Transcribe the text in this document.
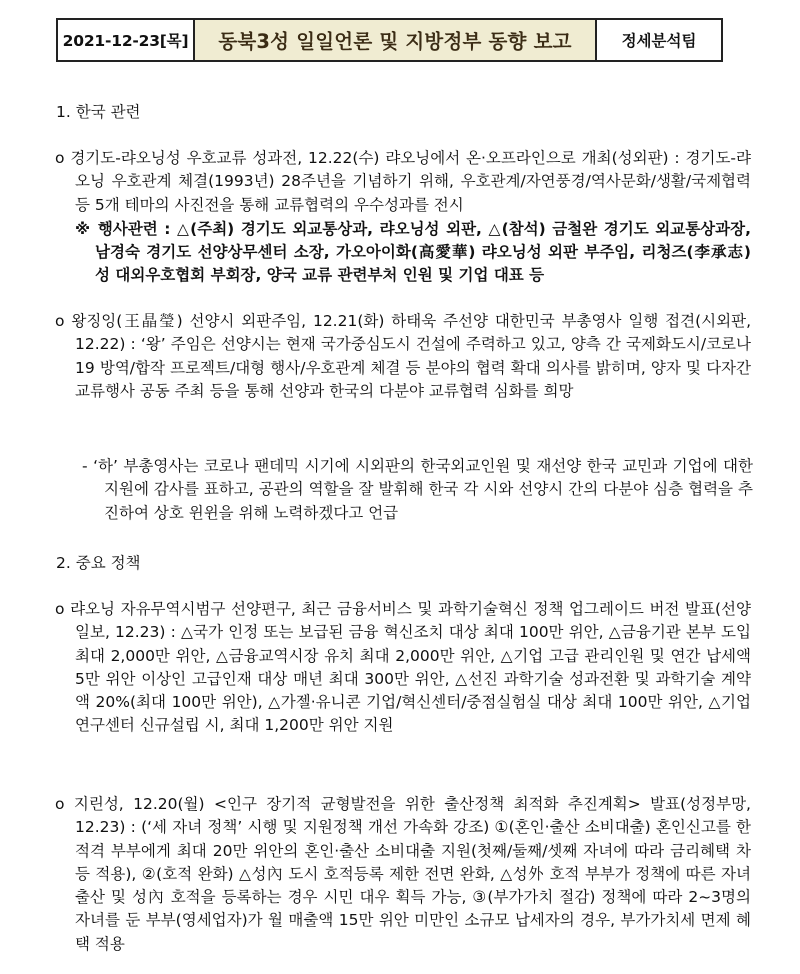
2021-12-23[목]	동북3성 일일언론 및 지방정부 동향 보고	정세분석팀
1. 한국 관련
o 경기도-랴오닝성 우호교류 성과전, 12.22(수) 랴오닝에서 온·오프라인으로 개최(성외판) : 경기도-랴오닝 우호관계 체결(1993년) 28주년을 기념하기 위해, 우호관계/자연풍경/역사문화/생활/국제협력 등 5개 테마의 사진전을 통해 교류협력의 우수성과를 전시
※ 행사관련 : △(주최) 경기도 외교통상과, 랴오닝성 외판, △(참석) 금철완 경기도 외교통상과장, 남경숙 경기도 선양상무센터 소장, 가오아이화(高愛華) 랴오닝성 외판 부주임, 리청즈(李承志) 성 대외우호협회 부회장, 양국 교류 관련부처 인원 및 기업 대표 등
o 왕징잉(王晶瑩) 선양시 외판주임, 12.21(화) 하태욱 주선양 대한민국 부총영사 일행 접견(시외판, 12.22) : ‘왕’ 주임은 선양시는 현재 국가중심도시 건설에 주력하고 있고, 양측 간 국제화도시/코로나19 방역/합작 프로젝트/대형 행사/우호관계 체결 등 분야의 협력 확대 의사를 밝히며, 양자 및 다자간 교류행사 공동 주최 등을 통해 선양과 한국의 다분야 교류협력 심화를 희망
- ‘하’ 부총영사는 코로나 팬데믹 시기에 시외판의 한국외교인원 및 재선양 한국 교민과 기업에 대한 지원에 감사를 표하고, 공관의 역할을 잘 발휘해 한국 각 시와 선양시 간의 다분야 심층 협력을 추진하여 상호 윈윈을 위해 노력하겠다고 언급
2. 중요 정책
o 랴오닝 자유무역시범구 선양편구, 최근 금융서비스 및 과학기술혁신 정책 업그레이드 버전 발표(선양일보, 12.23) : △국가 인정 또는 보급된 금융 혁신조치 대상 최대 100만 위안, △금융기관 본부 도입 최대 2,000만 위안, △금융교역시장 유치 최대 2,000만 위안, △기업 고급 관리인원 및 연간 납세액 5만 위안 이상인 고급인재 대상 매년 최대 300만 위안, △선진 과학기술 성과전환 및 과학기술 계약액 20%(최대 100만 위안), △가젤·유니콘 기업/혁신센터/중점실험실 대상 최대 100만 위안, △기업연구센터 신규설립 시, 최대 1,200만 위안 지원
o 지린성, 12.20(월) <인구 장기적 균형발전을 위한 출산정책 최적화 추진계획> 발표(성정부망, 12.23) : (‘세 자녀 정책’ 시행 및 지원정책 개선 가속화 강조) ①(혼인·출산 소비대출) 혼인신고를 한 적격 부부에게 최대 20만 위안의 혼인·출산 소비대출 지원(첫째/둘째/셋째 자녀에 따라 금리혜택 차등 적용), ②(호적 완화) △성內 도시 호적등록 제한 전면 완화, △성外 호적 부부가 정책에 따른 자녀출산 및 성內 호적을 등록하는 경우 시민 대우 획득 가능, ③(부가가치 절감) 정책에 따라 2~3명의 자녀를 둔 부부(영세업자)가 월 매출액 15만 위안 미만인 소규모 납세자의 경우, 부가가치세 면제 혜택 적용
